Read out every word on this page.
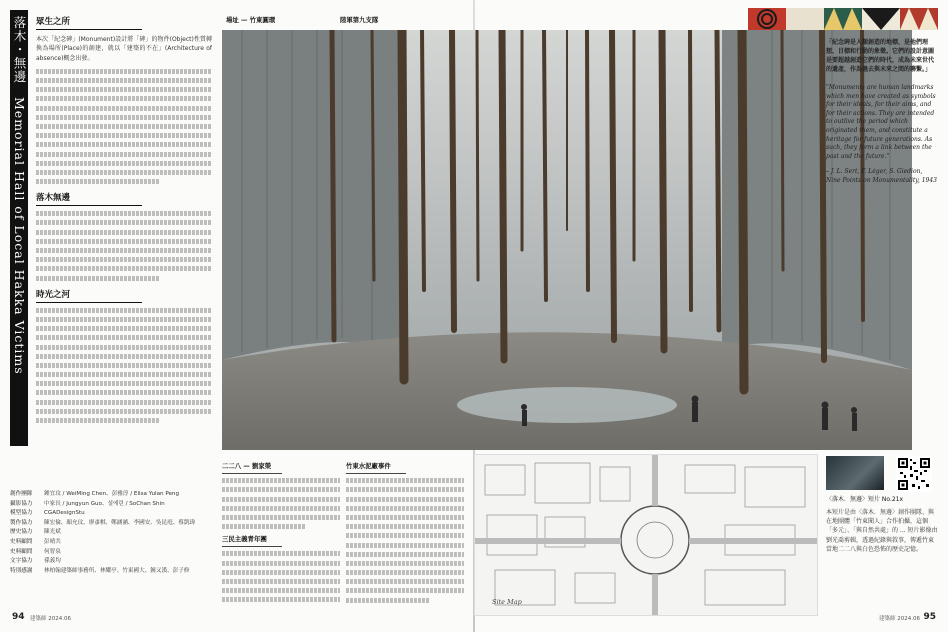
落木・無邊　Memorial Hall of Local Hakka Victims 眾生之所

本次「紀念碑」(Monument)設計將「碑」的物件(Object)性質轉換為場所(Place)的創建，就以「建築的不在」(Architecture of absence)概念出發。

落木無邊
時光之河
「紀念碑是人類創造的地標，是他們理想、目標和行動的象徵。它們的設計意圖是要超越創造它們的時代，成為未來世代的遺產，作為過去與未來之間的聯繫。」
"Monuments are human landmarks which men have created as symbols for their ideals, for their aims, and for their actions. They are intended to outlive the period which originated them, and constitute a heritage for future generations. As such, they form a link between the past and the future."
– J. L. Sert, F. Léger, S. Giedion, Nine Points on Monumentality, 1943
二二八 — 劉家榮
三民主義青年團
竹東水泥廠事件
Site Map
〈落木．無邊〉短片 No.21x
本短片是由〈落木．無邊〉創作團隊、與在地團體「竹東聞人」合作拍攝，這個「多元」、「與自然共處」的 ... 短片影像由劉光喬剪輯，透過紀錄與敘事，傳遞竹東當地二二八與白色恐怖的歷史記憶。
創作團隊	鍾宜玟 / WeiMing Chen、彭雅淳 / Elisa Yulan Peng
攝影協力	中家長 / Jungyun Guo、설에린 / SoChan Shin
模型協力	CGADesignStu
製作協力	陳宏倫、顏允玟、廖彥棋、鄭涵涵、李國安、吳昆庭、蔡凱瑋
歷史協力	陳光斌
史料顧問	彭晴共
史料顧問	何智泉
文字協力	孫義均
特別感謝	林柏翰建築師事務所、林耀亭、竹東國大、鐘又漢、彭子修
94 建築師 2024.06	95
建築師 2024.06
場址 — 竹東圓環	陸軍第九支隊
